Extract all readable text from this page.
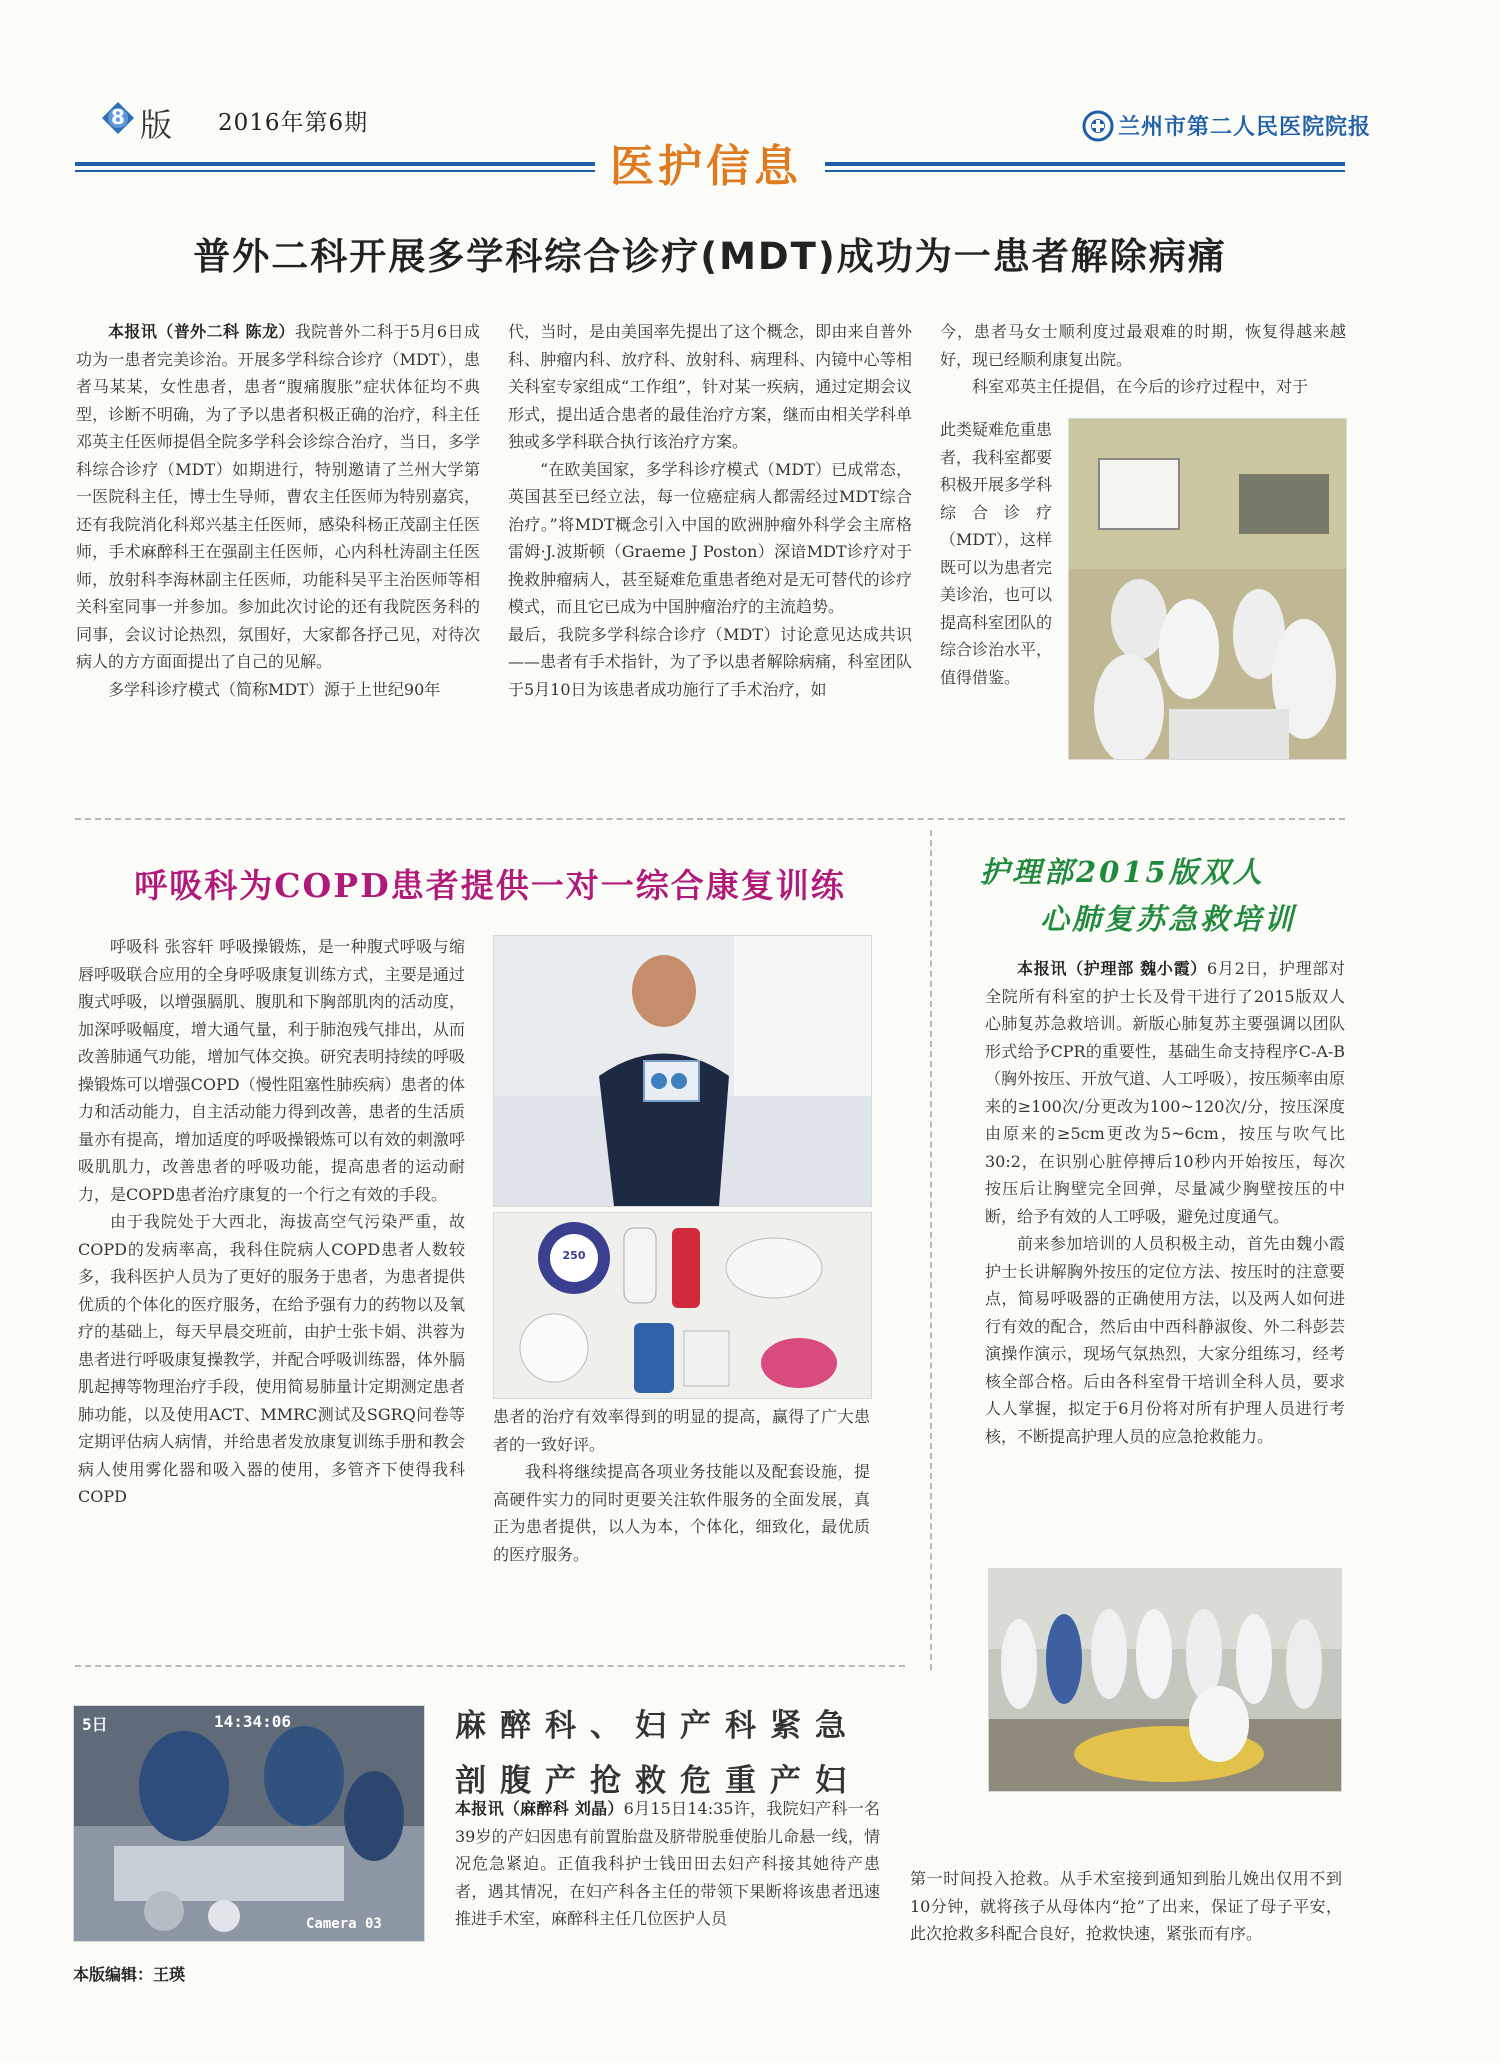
8 版 2016年第6期	兰州市第二人民医院院报
医护信息
普外二科开展多学科综合诊疗(MDT)成功为一患者解除病痛

本报讯（普外二科 陈龙）我院普外二科于5月6日成功为一患者完美诊治。开展多学科综合诊疗（MDT），患者马某某，女性患者，患者“腹痛腹胀”症状体征均不典型，诊断不明确，为了予以患者积极正确的治疗，科主任邓英主任医师提倡全院多学科会诊综合治疗，当日，多学科综合诊疗（MDT）如期进行，特别邀请了兰州大学第一医院科主任，博士生导师，曹农主任医师为特别嘉宾，还有我院消化科郑兴基主任医师，感染科杨正茂副主任医师，手术麻醉科王在强副主任医师，心内科杜涛副主任医师，放射科李海林副主任医师，功能科吴平主治医师等相关科室同事一并参加。参加此次讨论的还有我院医务科的同事，会议讨论热烈，氛围好，大家都各抒己见，对待次病人的方方面面提出了自己的见解。

多学科诊疗模式（简称MDT）源于上世纪90年

代，当时，是由美国率先提出了这个概念，即由来自普外科、肿瘤内科、放疗科、放射科、病理科、内镜中心等相关科室专家组成“工作组”，针对某一疾病，通过定期会议形式，提出适合患者的最佳治疗方案，继而由相关学科单独或多学科联合执行该治疗方案。

“在欧美国家，多学科诊疗模式（MDT）已成常态，英国甚至已经立法，每一位癌症病人都需经过MDT综合治疗。”将MDT概念引入中国的欧洲肿瘤外科学会主席格雷姆·J.波斯顿（Graeme J Poston）深谙MDT诊疗对于挽救肿瘤病人，甚至疑难危重患者绝对是无可替代的诊疗模式，而且它已成为中国肿瘤治疗的主流趋势。

最后，我院多学科综合诊疗（MDT）讨论意见达成共识——患者有手术指针，为了予以患者解除病痛，科室团队于5月10日为该患者成功施行了手术治疗，如

今，患者马女士顺利度过最艰难的时期，恢复得越来越好，现已经顺利康复出院。

科室邓英主任提倡，在今后的诊疗过程中，对于

此类疑难危重患者，我科室都要积极开展多学科综合诊疗（MDT），这样既可以为患者完美诊治，也可以提高科室团队的综合诊治水平，值得借鉴。

呼吸科为COPD患者提供一对一综合康复训练

呼吸科 张容轩 呼吸操锻炼，是一种腹式呼吸与缩唇呼吸联合应用的全身呼吸康复训练方式，主要是通过腹式呼吸，以增强膈肌、腹肌和下胸部肌肉的活动度，加深呼吸幅度，增大通气量，利于肺泡残气排出，从而改善肺通气功能，增加气体交换。研究表明持续的呼吸操锻炼可以增强COPD（慢性阻塞性肺疾病）患者的体力和活动能力，自主活动能力得到改善，患者的生活质量亦有提高，增加适度的呼吸操锻炼可以有效的刺激呼吸肌肌力，改善患者的呼吸功能，提高患者的运动耐力，是COPD患者治疗康复的一个行之有效的手段。

由于我院处于大西北，海拔高空气污染严重，故COPD的发病率高，我科住院病人COPD患者人数较多，我科医护人员为了更好的服务于患者，为患者提供优质的个体化的医疗服务，在给予强有力的药物以及氧疗的基础上，每天早晨交班前，由护士张卡娟、洪蓉为患者进行呼吸康复操教学，并配合呼吸训练器，体外膈肌起搏等物理治疗手段，使用简易肺量计定期测定患者肺功能，以及使用ACT、MMRC测试及SGRQ问卷等定期评估病人病情，并给患者发放康复训练手册和教会病人使用雾化器和吸入器的使用，多管齐下使得我科COPD

250

患者的治疗有效率得到的明显的提高，赢得了广大患者的一致好评。

我科将继续提高各项业务技能以及配套设施，提高硬件实力的同时更要关注软件服务的全面发展，真正为患者提供，以人为本，个体化，细致化，最优质的医疗服务。

护理部2015版双人
心肺复苏急救培训

本报讯（护理部 魏小霞）6月2日，护理部对全院所有科室的护士长及骨干进行了2015版双人心肺复苏急救培训。新版心肺复苏主要强调以团队形式给予CPR的重要性，基础生命支持程序C-A-B（胸外按压、开放气道、人工呼吸），按压频率由原来的≥100次/分更改为100~120次/分，按压深度由原来的≥5cm更改为5~6cm，按压与吹气比30:2，在识别心脏停搏后10秒内开始按压，每次按压后让胸壁完全回弹，尽量减少胸壁按压的中断，给予有效的人工呼吸，避免过度通气。

前来参加培训的人员积极主动，首先由魏小霞护士长讲解胸外按压的定位方法、按压时的注意要点，简易呼吸器的正确使用方法，以及两人如何进行有效的配合，然后由中西科静淑俊、外二科彭芸演操作演示，现场气氛热烈，大家分组练习，经考核全部合格。后由各科室骨干培训全科人员，要求人人掌握，拟定于6月份将对所有护理人员进行考核，不断提高护理人员的应急抢救能力。

5日	14:34:06
Camera 03
麻醉科、妇产科紧急
剖腹产抢救危重产妇

本报讯（麻醉科 刘晶）6月15日14:35许，我院妇产科一名39岁的产妇因患有前置胎盘及脐带脱垂使胎儿命悬一线，情况危急紧迫。正值我科护士钱田田去妇产科接其她待产患者，遇其情况，在妇产科各主任的带领下果断将该患者迅速推进手术室，麻醉科主任几位医护人员

第一时间投入抢救。从手术室接到通知到胎儿娩出仅用不到10分钟，就将孩子从母体内“抢”了出来，保证了母子平安，此次抢救多科配合良好，抢救快速，紧张而有序。

本版编辑：王瑛
